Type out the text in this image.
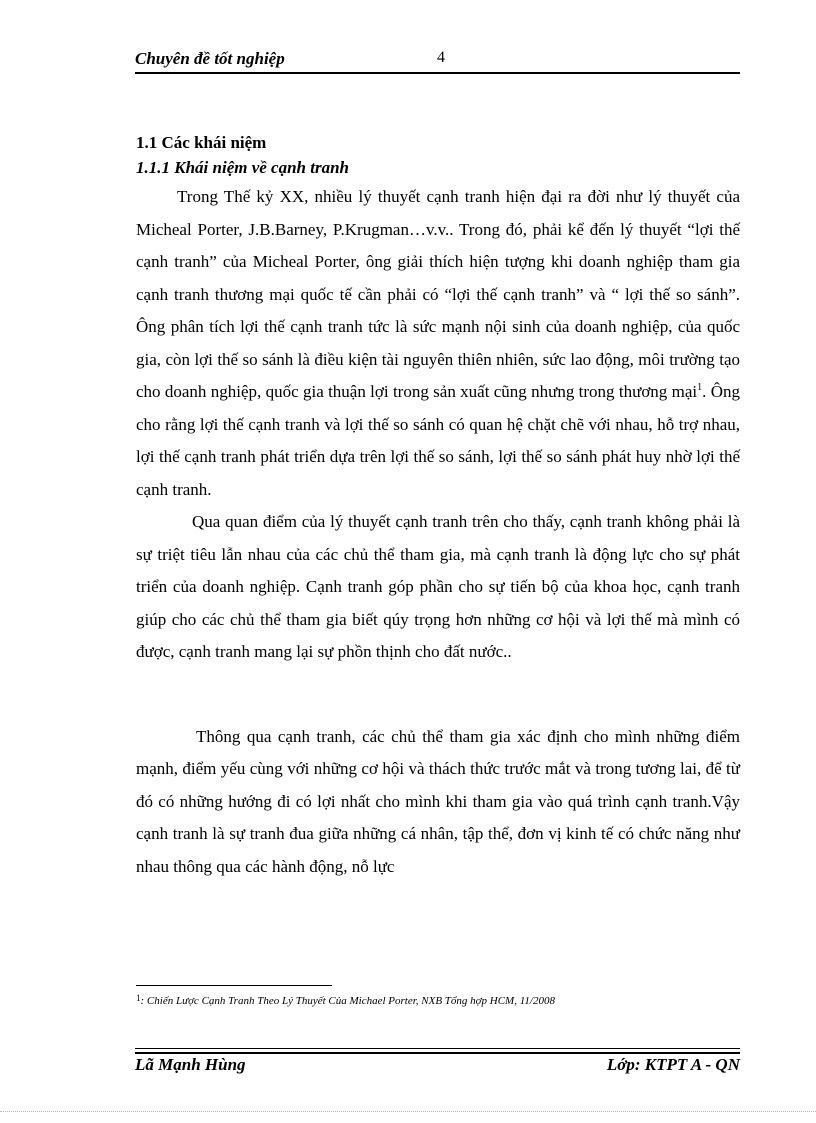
Chuyên đề tốt nghiệp	4

1.1 Các khái niệm

1.1.1 Khái niệm về cạnh tranh

Trong Thế kỷ XX, nhiều lý thuyết cạnh tranh hiện đại ra đời như lý thuyết của Micheal Porter, J.B.Barney, P.Krugman…v.v.. Trong đó, phải kể đến lý thuyết “lợi thế cạnh tranh” của Micheal Porter, ông giải thích hiện tượng khi doanh nghiệp tham gia cạnh tranh thương mại quốc tế cần phải có “lợi thế cạnh tranh” và “ lợi thế so sánh”. Ông phân tích lợi thế cạnh tranh tức là sức mạnh nội sinh của doanh nghiệp, của quốc gia, còn lợi thế so sánh là điều kiện tài nguyên thiên nhiên, sức lao động, môi trường tạo cho doanh nghiệp, quốc gia thuận lợi trong sản xuất cũng nhưng trong thương mại$^1$. Ông cho rằng lợi thế cạnh tranh và lợi thế so sánh có quan hệ chặt chẽ với nhau, hỗ trợ nhau, lợi thế cạnh tranh phát triển dựa trên lợi thế so sánh, lợi thế so sánh phát huy nhờ lợi thế cạnh tranh.

Qua quan điểm của lý thuyết cạnh tranh trên cho thấy, cạnh tranh không phải là sự triệt tiêu lẫn nhau của các chủ thể tham gia, mà cạnh tranh là động lực cho sự phát triển của doanh nghiệp. Cạnh tranh góp phần cho sự tiến bộ của khoa học, cạnh tranh giúp cho các chủ thể tham gia biết qúy trọng hơn những cơ hội và lợi thế mà mình có được, cạnh tranh mang lại sự phồn thịnh cho đất nước..

Thông qua cạnh tranh, các chủ thể tham gia xác định cho mình những điểm mạnh, điểm yếu cùng với những cơ hội và thách thức trước mắt và trong tương lai, để từ đó có những hướng đi có lợi nhất cho mình khi tham gia vào quá trình cạnh tranh.Vậy cạnh tranh là sự tranh đua giữa những cá nhân, tập thể, đơn vị kinh tế có chức năng như nhau thông qua các hành động, nỗ lực

$^1$: Chiến Lược Cạnh Tranh Theo Lý Thuyết Của Michael Porter, NXB Tổng hợp HCM, 11/2008
Lã Mạnh Hùng	Lớp: KTPT A - QN
